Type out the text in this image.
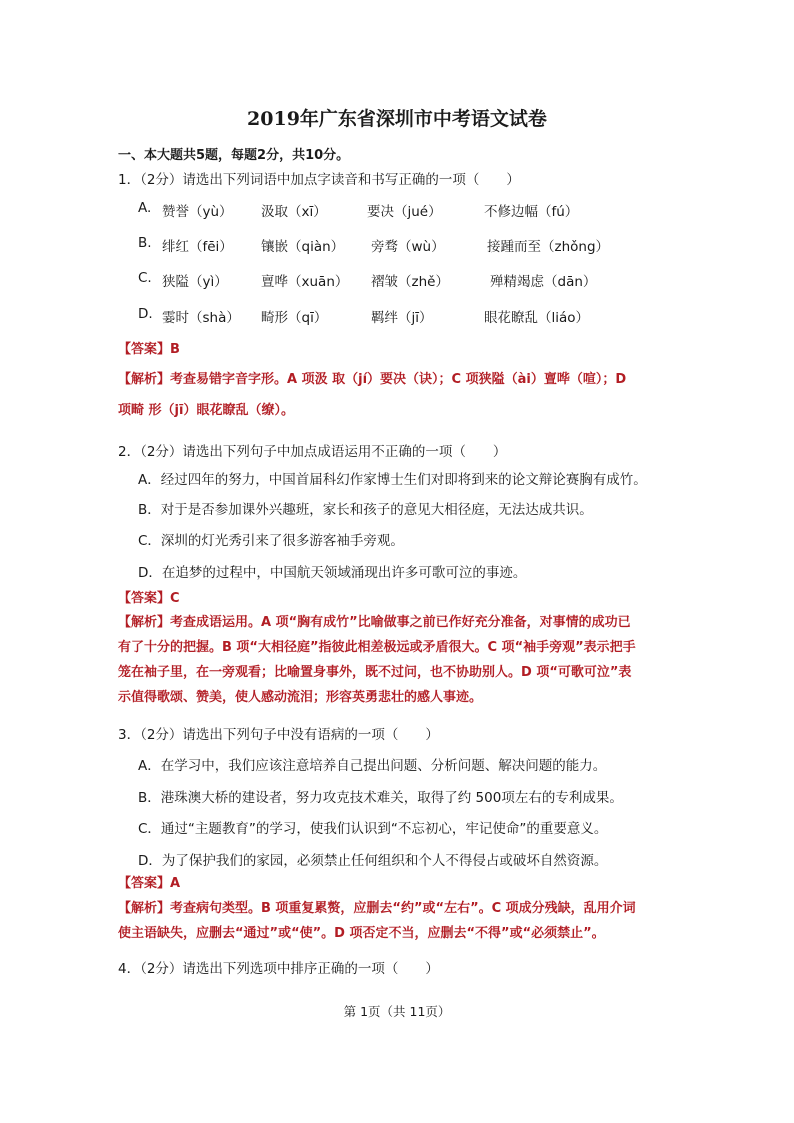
2019年广东省深圳市中考语文试卷
一、本大题共5题，每题2分，共10分。
1．（2分）请选出下列词语中加点字读音和书写正确的一项（　　）
A. 赞誉（yù） 汲取（xī）	要决（jué）	不修边幅（fú）
B. 绯红（fēi） 镶嵌（qiàn） 旁骛（wù）	接踵而至（zhǒng）
C. 狭隘（yì） 亶哗（xuān） 褶皱（zhě）	殚精竭虑（dān）
D. 霎时（shà） 畸形（qī）	羁绊（jī）	眼花瞭乱（liáo）
【答案】B
【解析】考查易错字音字形。A 项汲 取（jí）要决（诀）；C 项狭隘（ài）亶哗（喧）；D
项畸 形（jī）眼花瞭乱（缭）。
2．（2分）请选出下列句子中加点成语运用不正确的一项（　　）
A．经过四年的努力，中国首届科幻作家博士生们对即将到来的论文辩论赛胸有成竹。
B．对于是否参加课外兴趣班，家长和孩子的意见大相径庭，无法达成共识。
C．深圳的灯光秀引来了很多游客袖手旁观。
D．在追梦的过程中，中国航天领域涌现出许多可歌可泣的事迹。
【答案】C
【解析】考查成语运用。A 项“胸有成竹”比喻做事之前已作好充分准备，对事情的成功已
有了十分的把握。B 项“大相径庭”指彼此相差极远或矛盾很大。C 项“袖手旁观”表示把手
笼在袖子里，在一旁观看；比喻置身事外，既不过问，也不协助别人。D 项“可歌可泣”表
示值得歌颂、赞美，使人感动流泪；形容英勇悲壮的感人事迹。
3．（2分）请选出下列句子中没有语病的一项（　　）
A．在学习中，我们应该注意培养自己提出问题、分析问题、解决问题的能力。
B．港珠澳大桥的建设者，努力攻克技术难关，取得了约 500项左右的专利成果。
C．通过“主题教育”的学习，使我们认识到“不忘初心，牢记使命”的重要意义。
D．为了保护我们的家园，必须禁止任何组织和个人不得侵占或破坏自然资源。
【答案】A
【解析】考查病句类型。B 项重复累赘，应删去“约”或“左右”。C 项成分残缺，乱用介词
使主语缺失，应删去“通过”或“使”。D 项否定不当，应删去“不得”或“必须禁止”。
4．（2分）请选出下列选项中排序正确的一项（　　）
第 1页（共 11页）
